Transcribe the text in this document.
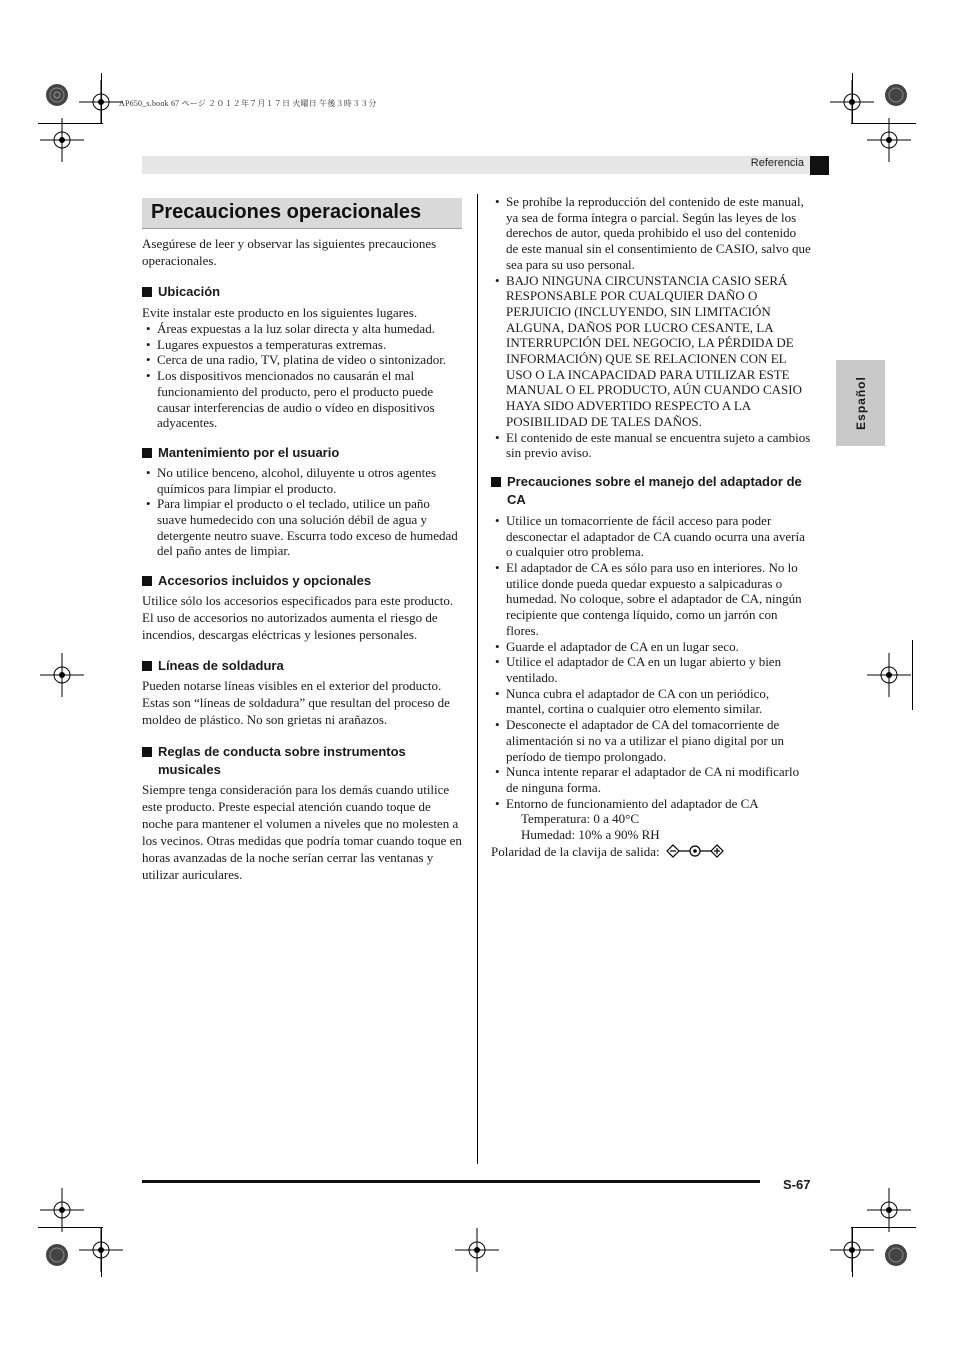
AP650_s.book 67 ページ ２０１２年７月１７日 火曜日 午後３時３３分
Referencia
Español
Precauciones operacionales

Asegúrese de leer y observar las siguientes precauciones operacionales.

Ubicación

Evite instalar este producto en los siguientes lugares.

• Áreas expuestas a la luz solar directa y alta humedad.
• Lugares expuestos a temperaturas extremas.
• Cerca de una radio, TV, platina de vídeo o sintonizador.
• Los dispositivos mencionados no causarán el mal funcionamiento del producto, pero el producto puede causar interferencias de audio o vídeo en dispositivos adyacentes.
Mantenimiento por el usuario
• No utilice benceno, alcohol, diluyente u otros agentes químicos para limpiar el producto.
• Para limpiar el producto o el teclado, utilice un paño suave humedecido con una solución débil de agua y detergente neutro suave. Escurra todo exceso de humedad del paño antes de limpiar.
Accesorios incluidos y opcionales

Utilice sólo los accesorios especificados para este producto. El uso de accesorios no autorizados aumenta el riesgo de incendios, descargas eléctricas y lesiones personales.

Líneas de soldadura

Pueden notarse líneas visibles en el exterior del producto. Estas son “líneas de soldadura” que resultan del proceso de moldeo de plástico. No son grietas ni arañazos.

Reglas de conducta sobre instrumentos musicales

Siempre tenga consideración para los demás cuando utilice este producto. Preste especial atención cuando toque de noche para mantener el volumen a niveles que no molesten a los vecinos. Otras medidas que podría tomar cuando toque en horas avanzadas de la noche serían cerrar las ventanas y utilizar auriculares.

• Se prohíbe la reproducción del contenido de este manual, ya sea de forma íntegra o parcial. Según las leyes de los derechos de autor, queda prohibido el uso del contenido de este manual sin el consentimiento de CASIO, salvo que sea para su uso personal.
• BAJO NINGUNA CIRCUNSTANCIA CASIO SERÁ RESPONSABLE POR CUALQUIER DAÑO O PERJUICIO (INCLUYENDO, SIN LIMITACIÓN ALGUNA, DAÑOS POR LUCRO CESANTE, LA INTERRUPCIÓN DEL NEGOCIO, LA PÉRDIDA DE INFORMACIÓN) QUE SE RELACIONEN CON EL USO O LA INCAPACIDAD PARA UTILIZAR ESTE MANUAL O EL PRODUCTO, AÚN CUANDO CASIO HAYA SIDO ADVERTIDO RESPECTO A LA POSIBILIDAD DE TALES DAÑOS.
• El contenido de este manual se encuentra sujeto a cambios sin previo aviso.
Precauciones sobre el manejo del adaptador de CA
• Utilice un tomacorriente de fácil acceso para poder desconectar el adaptador de CA cuando ocurra una avería o cualquier otro problema.
• El adaptador de CA es sólo para uso en interiores. No lo utilice donde pueda quedar expuesto a salpicaduras o humedad. No coloque, sobre el adaptador de CA, ningún recipiente que contenga líquido, como un jarrón con flores.
• Guarde el adaptador de CA en un lugar seco.
• Utilice el adaptador de CA en un lugar abierto y bien ventilado.
• Nunca cubra el adaptador de CA con un periódico, mantel, cortina o cualquier otro elemento similar.
• Desconecte el adaptador de CA del tomacorriente de alimentación si no va a utilizar el piano digital por un período de tiempo prolongado.
• Nunca intente reparar el adaptador de CA ni modificarlo de ninguna forma.
• Entorno de funcionamiento del adaptador de CA
Temperatura: 0 a 40°C
Humedad: 10% a 90% RH
Polaridad de la clavija de salida:
S-67
